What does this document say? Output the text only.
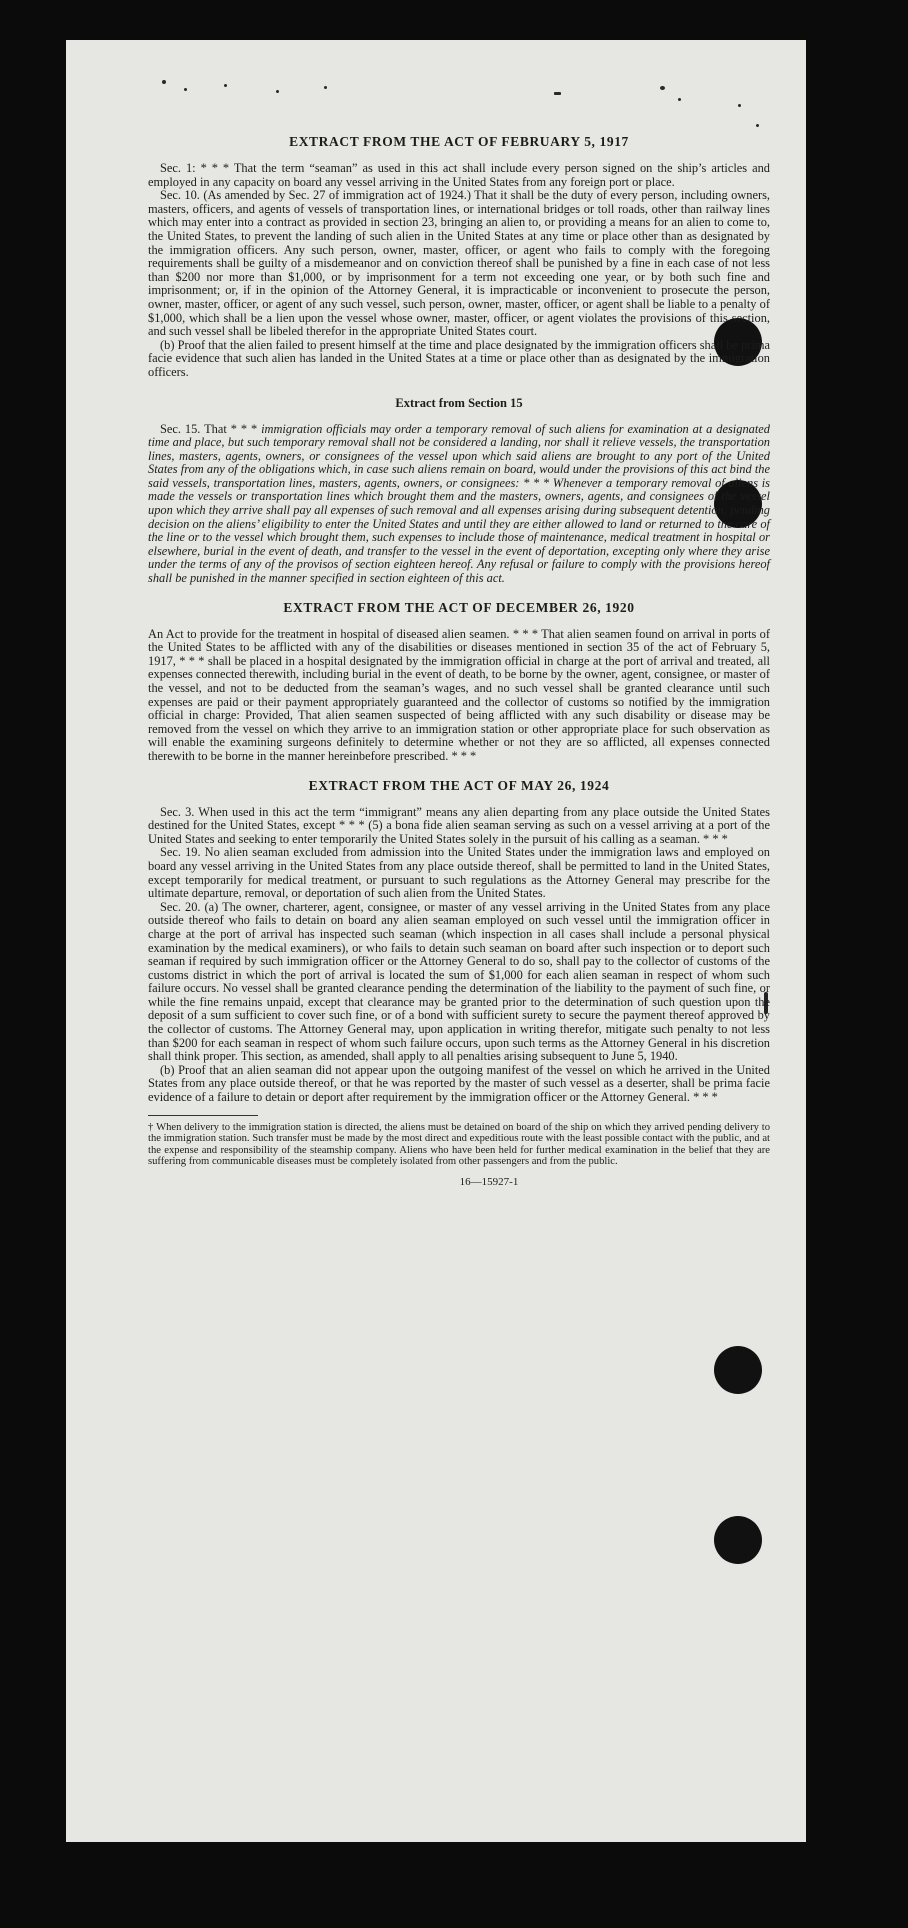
EXTRACT FROM THE ACT OF FEBRUARY 5, 1917

Sec. 1: * * * That the term “seaman” as used in this act shall include every person signed on the ship’s articles and employed in any capacity on board any vessel arriving in the United States from any foreign port or place.

Sec. 10. (As amended by Sec. 27 of immigration act of 1924.) That it shall be the duty of every person, including owners, masters, officers, and agents of vessels of transportation lines, or international bridges or toll roads, other than railway lines which may enter into a contract as provided in section 23, bringing an alien to, or providing a means for an alien to come to, the United States, to prevent the landing of such alien in the United States at any time or place other than as designated by the immigration officers. Any such person, owner, master, officer, or agent who fails to comply with the foregoing requirements shall be guilty of a misdemeanor and on conviction thereof shall be punished by a fine in each case of not less than $200 nor more than $1,000, or by imprisonment for a term not exceeding one year, or by both such fine and imprisonment; or, if in the opinion of the Attorney General, it is impracticable or inconvenient to prosecute the person, owner, master, officer, or agent of any such vessel, such person, owner, master, officer, or agent shall be liable to a penalty of $1,000, which shall be a lien upon the vessel whose owner, master, officer, or agent violates the provisions of this section, and such vessel shall be libeled therefor in the appropriate United States court.

(b) Proof that the alien failed to present himself at the time and place designated by the immigration officers shall be prima facie evidence that such alien has landed in the United States at a time or place other than as designated by the immigration officers.

Extract from Section 15

Sec. 15. That * * * immigration officials may order a temporary removal of such aliens for examination at a designated time and place, but such temporary removal shall not be considered a landing, nor shall it relieve vessels, the transportation lines, masters, agents, owners, or consignees of the vessel upon which said aliens are brought to any port of the United States from any of the obligations which, in case such aliens remain on board, would under the provisions of this act bind the said vessels, transportation lines, masters, agents, owners, or consignees: * * * Whenever a temporary removal of aliens is made the vessels or transportation lines which brought them and the masters, owners, agents, and consignees of the vessel upon which they arrive shall pay all expenses of such removal and all expenses arising during subsequent detention, pending decision on the aliens’ eligibility to enter the United States and until they are either allowed to land or returned to the care of the line or to the vessel which brought them, such expenses to include those of maintenance, medical treatment in hospital or elsewhere, burial in the event of death, and transfer to the vessel in the event of deportation, excepting only where they arise under the terms of any of the provisos of section eighteen hereof. Any refusal or failure to comply with the provisions hereof shall be punished in the manner specified in section eighteen of this act.

EXTRACT FROM THE ACT OF DECEMBER 26, 1920

An Act to provide for the treatment in hospital of diseased alien seamen. * * * That alien seamen found on arrival in ports of the United States to be afflicted with any of the disabilities or diseases mentioned in section 35 of the act of February 5, 1917, * * * shall be placed in a hospital designated by the immigration official in charge at the port of arrival and treated, all expenses connected therewith, including burial in the event of death, to be borne by the owner, agent, consignee, or master of the vessel, and not to be deducted from the seaman’s wages, and no such vessel shall be granted clearance until such expenses are paid or their payment appropriately guaranteed and the collector of customs so notified by the immigration official in charge: Provided, That alien seamen suspected of being afflicted with any such disability or disease may be removed from the vessel on which they arrive to an immigration station or other appropriate place for such observation as will enable the examining surgeons definitely to determine whether or not they are so afflicted, all expenses connected therewith to be borne in the manner hereinbefore prescribed. * * *

EXTRACT FROM THE ACT OF MAY 26, 1924

Sec. 3. When used in this act the term “immigrant” means any alien departing from any place outside the United States destined for the United States, except * * * (5) a bona fide alien seaman serving as such on a vessel arriving at a port of the United States and seeking to enter temporarily the United States solely in the pursuit of his calling as a seaman. * * *

Sec. 19. No alien seaman excluded from admission into the United States under the immigration laws and employed on board any vessel arriving in the United States from any place outside thereof, shall be permitted to land in the United States, except temporarily for medical treatment, or pursuant to such regulations as the Attorney General may prescribe for the ultimate departure, removal, or deportation of such alien from the United States.

Sec. 20. (a) The owner, charterer, agent, consignee, or master of any vessel arriving in the United States from any place outside thereof who fails to detain on board any alien seaman employed on such vessel until the immigration officer in charge at the port of arrival has inspected such seaman (which inspection in all cases shall include a personal physical examination by the medical examiners), or who fails to detain such seaman on board after such inspection or to deport such seaman if required by such immigration officer or the Attorney General to do so, shall pay to the collector of customs of the customs district in which the port of arrival is located the sum of $1,000 for each alien seaman in respect of whom such failure occurs. No vessel shall be granted clearance pending the determination of the liability to the payment of such fine, or while the fine remains unpaid, except that clearance may be granted prior to the determination of such question upon the deposit of a sum sufficient to cover such fine, or of a bond with sufficient surety to secure the payment thereof approved by the collector of customs. The Attorney General may, upon application in writing therefor, mitigate such penalty to not less than $200 for each seaman in respect of whom such failure occurs, upon such terms as the Attorney General in his discretion shall think proper. This section, as amended, shall apply to all penalties arising subsequent to June 5, 1940.

(b) Proof that an alien seaman did not appear upon the outgoing manifest of the vessel on which he arrived in the United States from any place outside thereof, or that he was reported by the master of such vessel as a deserter, shall be prima facie evidence of a failure to detain or deport after requirement by the immigration officer or the Attorney General. * * *

† When delivery to the immigration station is directed, the aliens must be detained on board of the ship on which they arrived pending delivery to the immigration station. Such transfer must be made by the most direct and expeditious route with the least possible contact with the public, and at the expense and responsibility of the steamship company. Aliens who have been held for further medical examination in the belief that they are suffering from communicable diseases must be completely isolated from other passengers and from the public.
16—15927-1
